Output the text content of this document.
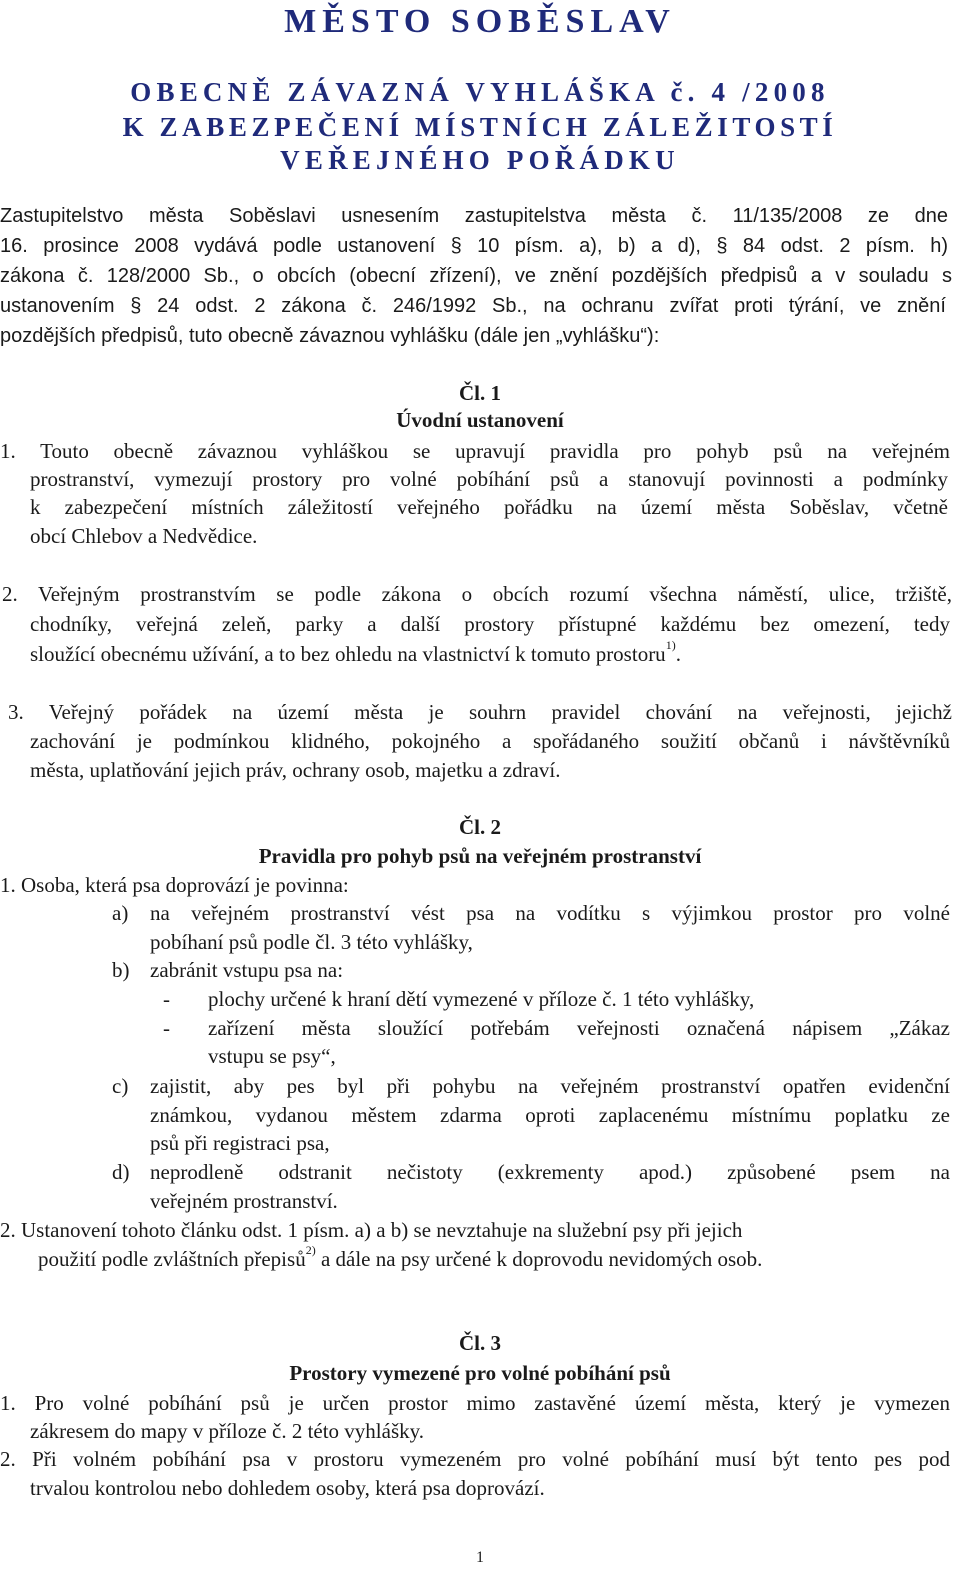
MĚSTO SOBĚSLAV
OBECNĚ ZÁVAZNÁ VYHLÁŠKA č. 4 /2008
K ZABEZPEČENÍ MÍSTNÍCH ZÁLEŽITOSTÍ
VEŘEJNÉHO POŘÁDKU
Zastupitelstvo města Soběslavi usnesením zastupitelstva města č. 11/135/2008 ze dne
16. prosince 2008 vydává podle ustanovení § 10 písm. a), b) a d), § 84 odst. 2 písm. h)
zákona č. 128/2000 Sb., o obcích (obecní zřízení), ve znění pozdějších předpisů a v souladu s
ustanovením § 24 odst. 2 zákona č. 246/1992 Sb., na ochranu zvířat proti týrání, ve znění
pozdějších předpisů, tuto obecně závaznou vyhlášku (dále jen „vyhlášku“):
Čl. 1
Úvodní ustanovení
1. Touto obecně závaznou vyhláškou se upravují pravidla pro pohyb psů na veřejném
prostranství, vymezují prostory pro volné pobíhání psů a stanovují povinnosti a podmínky
k zabezpečení místních záležitostí veřejného pořádku na území města Soběslav, včetně
obcí Chlebov a Nedvědice.
2. Veřejným prostranstvím se podle zákona o obcích rozumí všechna náměstí, ulice, tržiště,
chodníky, veřejná zeleň, parky a další prostory přístupné každému bez omezení, tedy
sloužící obecnému užívání, a to bez ohledu na vlastnictví k tomuto prostoru$^{1)}$.
3. Veřejný pořádek na území města je souhrn pravidel chování na veřejnosti, jejichž
zachování je podmínkou klidného, pokojného a spořádaného soužití občanů i návštěvníků
města, uplatňování jejich práv, ochrany osob, majetku a zdraví.
Čl. 2
Pravidla pro pohyb psů na veřejném prostranství
1. Osoba, která psa doprovází je povinna:
a) na veřejném prostranství vést psa na vodítku s výjimkou prostor pro volné
pobíhaní psů podle čl. 3 této vyhlášky,
b) zabránit vstupu psa na:
- plochy určené k hraní dětí vymezené v příloze č. 1 této vyhlášky,
- zařízení města sloužící potřebám veřejnosti označená nápisem „Zákaz
vstupu se psy“,
c) zajistit, aby pes byl při pohybu na veřejném prostranství opatřen evidenční
známkou, vydanou městem zdarma oproti zaplacenému místnímu poplatku ze
psů při registraci psa,
d) neprodleně odstranit nečistoty (exkrementy apod.) způsobené psem na
veřejném prostranství.
2. Ustanovení tohoto článku odst. 1 písm. a) a b) se nevztahuje na služební psy při jejich
použití podle zvláštních přepisů$^{2)}$ a dále na psy určené k doprovodu nevidomých osob.
Čl. 3
Prostory vymezené pro volné pobíhání psů
1. Pro volné pobíhání psů je určen prostor mimo zastavěné území města, který je vymezen
zákresem do mapy v příloze č. 2 této vyhlášky.
2. Při volném pobíhání psa v prostoru vymezeném pro volné pobíhání musí být tento pes pod
trvalou kontrolou nebo dohledem osoby, která psa doprovází.
1
